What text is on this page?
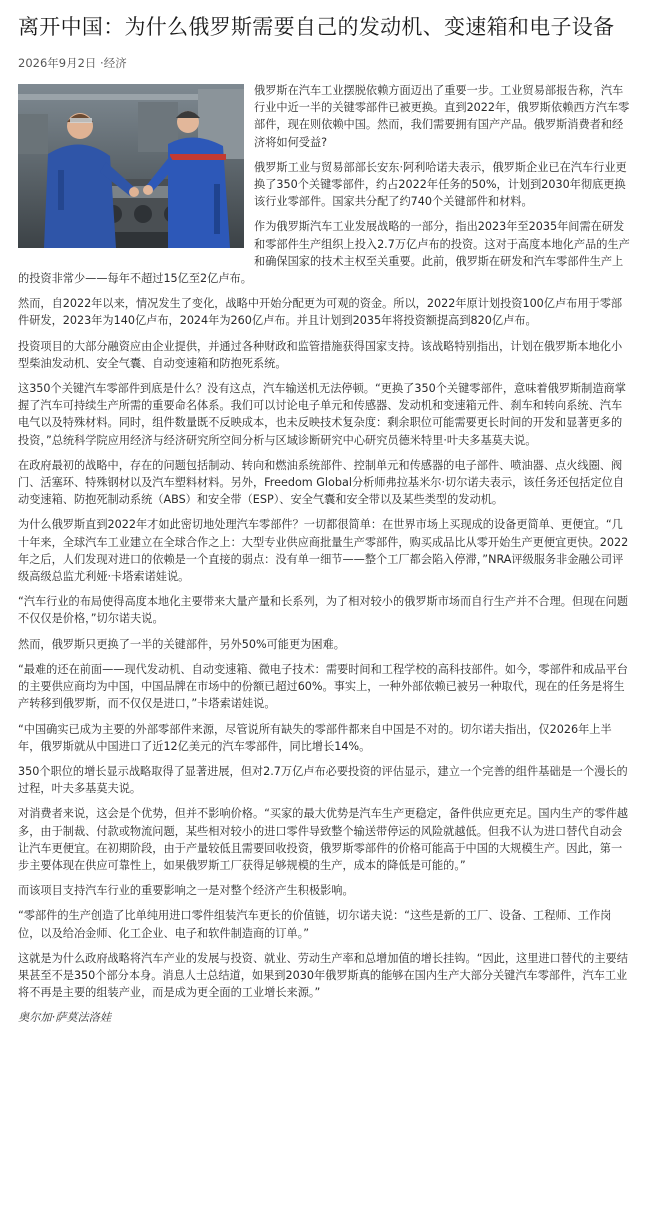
离开中国：为什么俄罗斯需要自己的发动机、变速箱和电子设备
2026年9月2日 ·经济

俄罗斯在汽车工业摆脱依赖方面迈出了重要一步。工业贸易部报告称，汽车行业中近一半的关键零部件已被更换。直到2022年，俄罗斯依赖西方汽车零部件，现在则依赖中国。然而，我们需要拥有国产产品。俄罗斯消费者和经济将如何受益?

俄罗斯工业与贸易部部长安东·阿利哈诺夫表示，俄罗斯企业已在汽车行业更换了350个关键零部件，约占2022年任务的50%，计划到2030年彻底更换该行业零部件。国家共分配了约740个关键部件和材料。

作为俄罗斯汽车工业发展战略的一部分，指出2023年至2035年间需在研发和零部件生产组织上投入2.7万亿卢布的投资。这对于高度本地化产品的生产和确保国家的技术主权至关重要。此前，俄罗斯在研发和汽车零部件生产上的投资非常少——每年不超过15亿至2亿卢布。

然而，自2022年以来，情况发生了变化，战略中开始分配更为可观的资金。所以，2022年原计划投资100亿卢布用于零部件研发，2023年为140亿卢布，2024年为260亿卢布。并且计划到2035年将投资额提高到820亿卢布。

投资项目的大部分融资应由企业提供，并通过各种财政和监管措施获得国家支持。该战略特别指出，计划在俄罗斯本地化小型柴油发动机、安全气囊、自动变速箱和防抱死系统。

这350个关键汽车零部件到底是什么？没有这点，汽车输送机无法停顿。“更换了350个关键零部件，意味着俄罗斯制造商掌握了汽车可持续生产所需的重要命名体系。我们可以讨论电子单元和传感器、发动机和变速箱元件、刹车和转向系统、汽车电气以及特殊材料。同时，组件数量既不反映成本，也未反映技术复杂度：剩余职位可能需要更长时间的开发和显著更多的投资，”总统科学院应用经济与经济研究所空间分析与区域诊断研究中心研究员德米特里·叶夫多基莫夫说。

在政府最初的战略中，存在的问题包括制动、转向和燃油系统部件、控制单元和传感器的电子部件、喷油器、点火线圈、阀门、活塞环、特殊钢材以及汽车塑料材料。另外，Freedom Global分析师弗拉基米尔·切尔诺夫表示，该任务还包括定位自动变速箱、防抱死制动系统（ABS）和安全带（ESP）、安全气囊和安全带以及某些类型的发动机。

为什么俄罗斯直到2022年才如此密切地处理汽车零部件？一切都很简单：在世界市场上买现成的设备更简单、更便宜。“几十年来，全球汽车工业建立在全球合作之上：大型专业供应商批量生产零部件，购买成品比从零开始生产更便宜更快。2022年之后，人们发现对进口的依赖是一个直接的弱点：没有单一细节——整个工厂都会陷入停滞，”NRA评级服务非金融公司评级高级总监尤利娅·卡塔索诺娃说。

“汽车行业的布局使得高度本地化主要带来大量产量和长系列，为了相对较小的俄罗斯市场而自行生产并不合理。但现在问题不仅仅是价格，”切尔诺夫说。

然而，俄罗斯只更换了一半的关键部件，另外50%可能更为困难。

“最难的还在前面——现代发动机、自动变速箱、微电子技术：需要时间和工程学校的高科技部件。如今，零部件和成品平台的主要供应商均为中国，中国品牌在市场中的份额已超过60%。事实上，一种外部依赖已被另一种取代，现在的任务是将生产转移到俄罗斯，而不仅仅是进口，”卡塔索诺娃说。

“中国确实已成为主要的外部零部件来源，尽管说所有缺失的零部件都来自中国是不对的。切尔诺夫指出，仅2026年上半年，俄罗斯就从中国进口了近12亿美元的汽车零部件，同比增长14%。

350个职位的增长显示战略取得了显著进展，但对2.7万亿卢布必要投资的评估显示，建立一个完善的组件基础是一个漫长的过程，叶夫多基莫夫说。

对消费者来说，这会是个优势，但并不影响价格。“买家的最大优势是汽车生产更稳定，备件供应更充足。国内生产的零件越多，由于制裁、付款或物流问题，某些相对较小的进口零件导致整个输送带停运的风险就越低。但我不认为进口替代自动会让汽车更便宜。在初期阶段，由于产量较低且需要回收投资，俄罗斯零部件的价格可能高于中国的大规模生产。因此，第一步主要体现在供应可靠性上，如果俄罗斯工厂获得足够规模的生产，成本的降低是可能的。”

而该项目支持汽车行业的重要影响之一是对整个经济产生积极影响。

“零部件的生产创造了比单纯用进口零件组装汽车更长的价值链，切尔诺夫说：“这些是新的工厂、设备、工程师、工作岗位，以及给冶金师、化工企业、电子和软件制造商的订单。”

这就是为什么政府战略将汽车产业的发展与投资、就业、劳动生产率和总增加值的增长挂钩。“因此，这里进口替代的主要结果甚至不是350个部分本身。消息人士总结道，如果到2030年俄罗斯真的能够在国内生产大部分关键汽车零部件，汽车工业将不再是主要的组装产业，而是成为更全面的工业增长来源。”

奥尔加·萨莫法洛娃
